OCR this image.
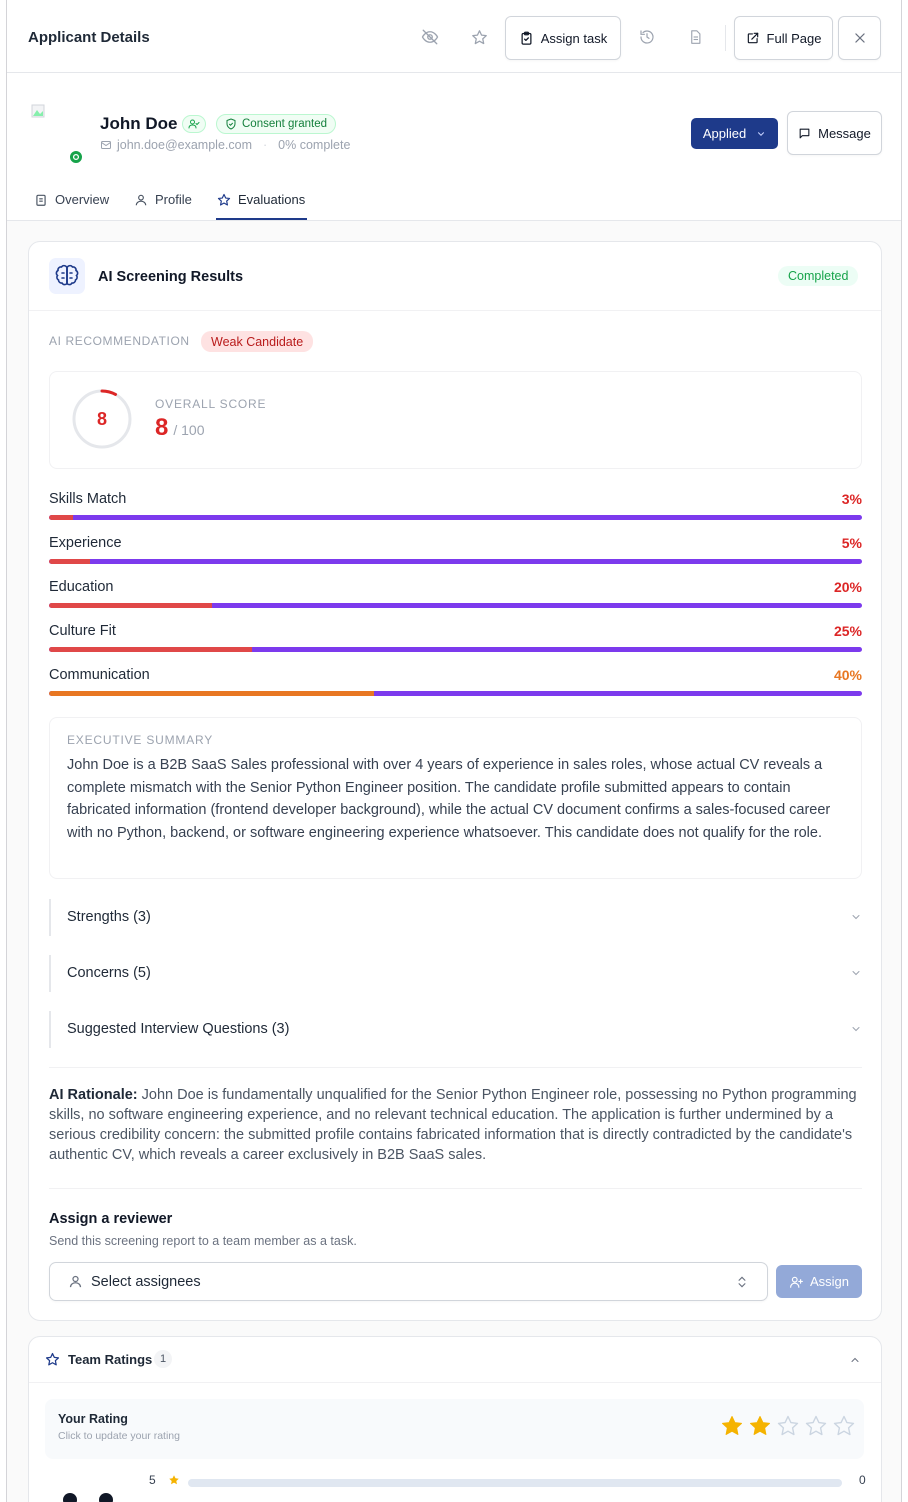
Applicant Details	Assign task	Full Page
John Doe	Consent granted
john.doe@example.com · 0% complete
Applied	Message
Overview	Profile	Evaluations
AI Screening Results	Completed
AI RECOMMENDATION	Weak Candidate
8
OVERALL SCORE
8 / 100
Skills Match	3%
Experience	5%
Education	20%
Culture Fit	25%
Communication	40%
EXECUTIVE SUMMARY
John Doe is a B2B SaaS Sales professional with over 4 years of experience in sales roles, whose actual CV reveals a complete mismatch with the Senior Python Engineer position. The candidate profile submitted appears to contain fabricated information (frontend developer background), while the actual CV document confirms a sales-focused career with no Python, backend, or software engineering experience whatsoever. This candidate does not qualify for the role.
Strengths (3)
Concerns (5)
Suggested Interview Questions (3)
AI Rationale: John Doe is fundamentally unqualified for the Senior Python Engineer role, possessing no Python programming skills, no software engineering experience, and no relevant technical education. The application is further undermined by a serious credibility concern: the submitted profile contains fabricated information that is directly contradicted by the candidate's authentic CV, which reveals a career exclusively in B2B SaaS sales.
Assign a reviewer
Send this screening report to a team member as a task.
Select assignees	Assign
Team Ratings 1
Your Rating
Click to update your rating
5	0
